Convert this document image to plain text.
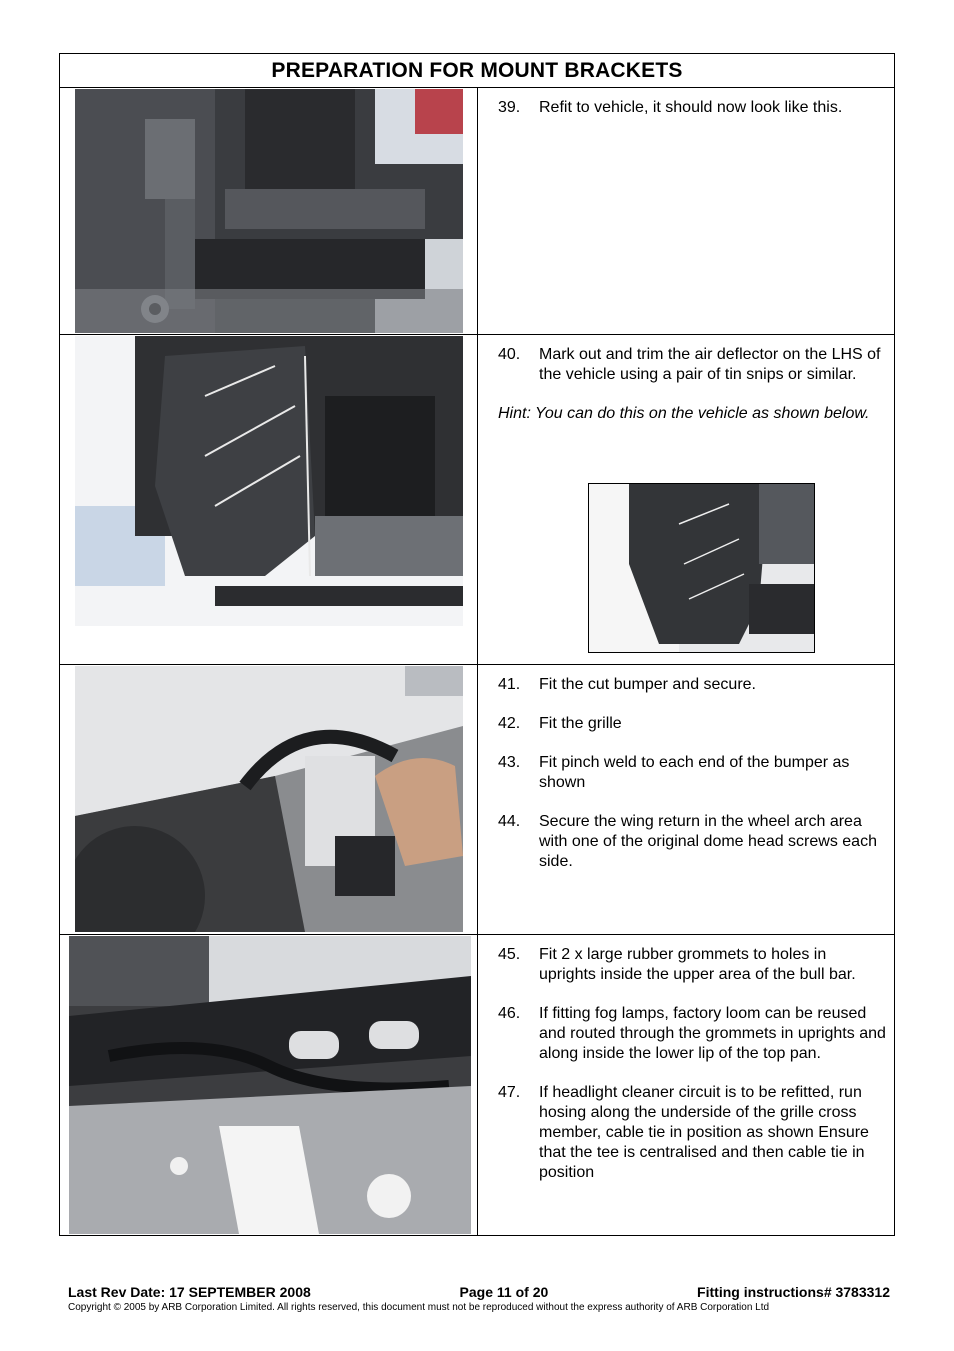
PREPARATION FOR MOUNT BRACKETS
39.	Refit to vehicle, it should now look like this.
40.	Mark out and trim the air deflector on the LHS of the vehicle using a pair of tin snips or similar.
Hint: You can do this on the vehicle as shown below.
41.	Fit the cut bumper and secure.
42.	Fit the grille
43.	Fit pinch weld to each end of the bumper as shown
44.	Secure the wing return in the wheel arch area with one of the original dome head screws each side.
45.	Fit 2 x large rubber grommets to holes in uprights inside the upper area of the bull bar.
46.	If fitting fog lamps, factory loom can be reused and routed through the grommets in uprights and along inside the lower lip of the top pan.
47.	If headlight cleaner circuit is to be refitted, run hosing along the underside of the grille cross member, cable tie in position as shown Ensure that the tee is centralised and then cable tie in position
Last Rev Date: 17 SEPTEMBER 2008	Page 11 of 20	Fitting instructions# 3783312
Copyright © 2005 by ARB Corporation Limited. All rights reserved, this document must not be reproduced without the express authority of ARB Corporation Ltd
